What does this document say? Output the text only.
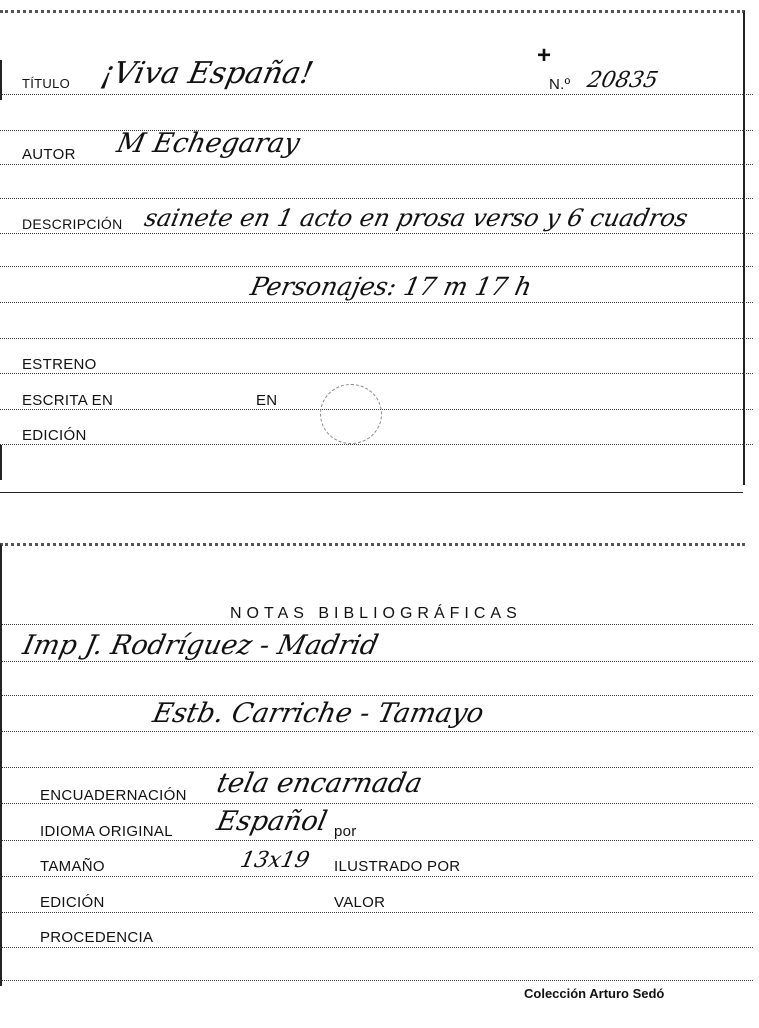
+
TÍTULO ¡Viva España!	N.º 20835
AUTOR M Echegaray
DESCRIPCIÓN sainete en 1 acto en prosa verso y 6 cuadros
Personajes: 17 m 17 h
ESTRENO
ESCRITA EN	EN
EDICIÓN
NOTAS BIBLIOGRÁFICAS
Imp J. Rodríguez - Madrid
Estb. Carriche - Tamayo
ENCUADERNACIÓN tela encarnada
IDIOMA ORIGINAL Español por
TAMAÑO	13x19 ILUSTRADO POR
EDICIÓN	VALOR
PROCEDENCIA
Colección Arturo Sedó
